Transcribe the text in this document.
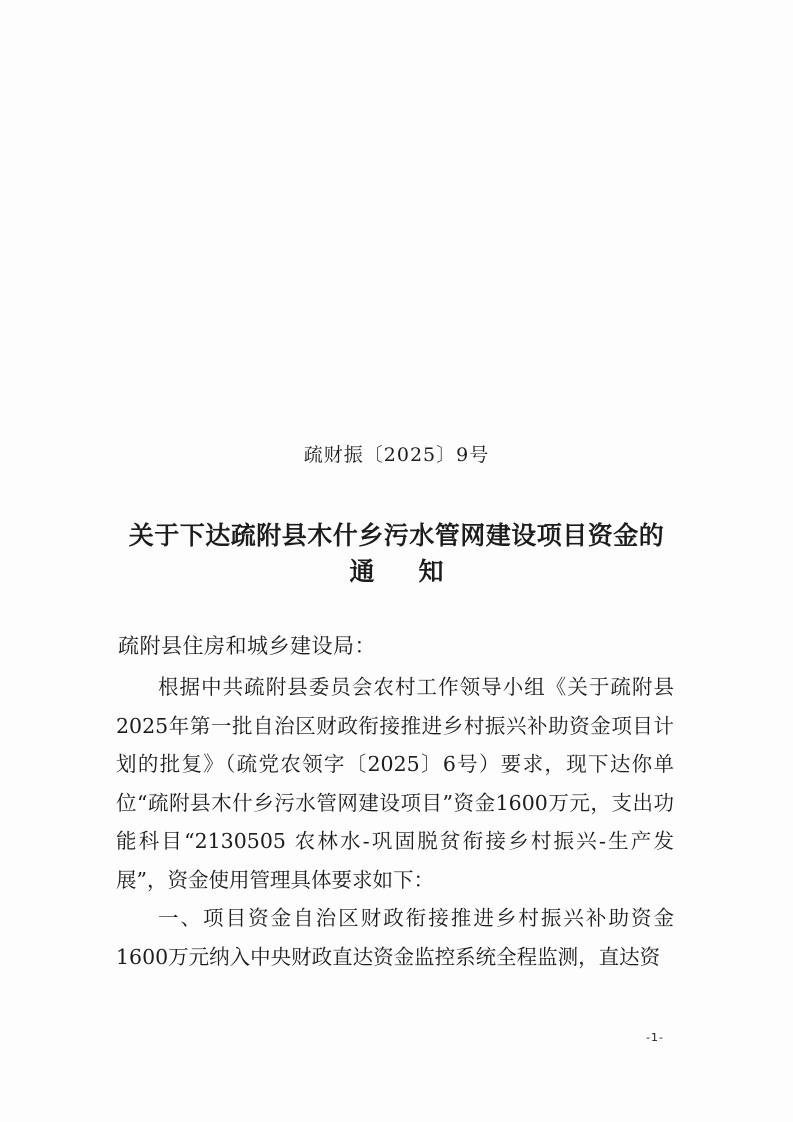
疏财振〔2025〕9号
关于下达疏附县木什乡污水管网建设项目资金的
通知
疏附县住房和城乡建设局：

根据中共疏附县委员会农村工作领导小组《关于疏附县2025年第一批自治区财政衔接推进乡村振兴补助资金项目计划的批复》（疏党农领字〔2025〕6号）要求，现下达你单位“疏附县木什乡污水管网建设项目”资金1600万元，支出功能科目“2130505 农林水-巩固脱贫衔接乡村振兴-生产发展”，资金使用管理具体要求如下：

一、项目资金自治区财政衔接推进乡村振兴补助资金1600万元纳入中央财政直达资金监控系统全程监测，直达资

-1-
